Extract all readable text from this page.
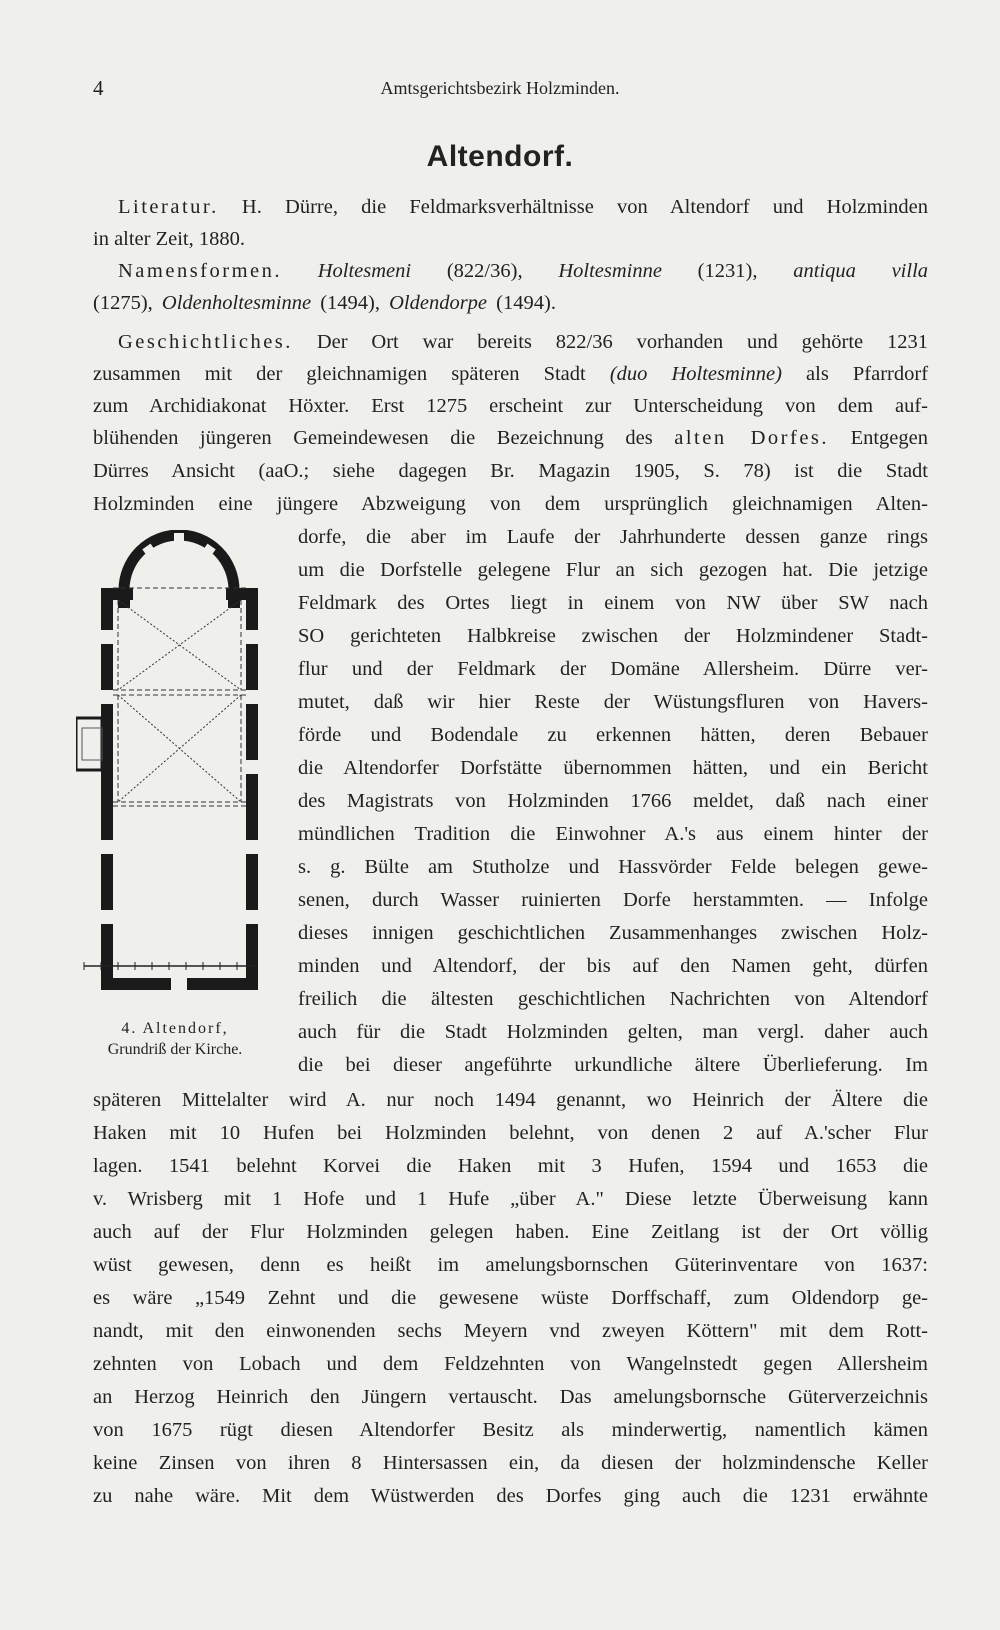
4	Amtsgerichtsbezirk Holzminden.
Altendorf.
Literatur. H. Dürre, die Feldmarksverhältnisse von Altendorf und Holzminden
in alter Zeit, 1880.
Namensformen. Holtesmeni (822/36), Holtesminne (1231), antiqua villa
(1275), Oldenholtesminne (1494), Oldendorpe (1494).
Geschichtliches. Der Ort war bereits 822/36 vorhanden und gehörte 1231
zusammen mit der gleichnamigen späteren Stadt (duo Holtesminne) als Pfarrdorf
zum Archidiakonat Höxter. Erst 1275 erscheint zur Unterscheidung von dem auf-
blühenden jüngeren Gemeindewesen die Bezeichnung des alten Dorfes. Entgegen
Dürres Ansicht (aaO.; siehe dagegen Br. Magazin 1905, S. 78) ist die Stadt
Holzminden eine jüngere Abzweigung von dem ursprünglich gleichnamigen Alten-
dorfe, die aber im Laufe der Jahrhunderte dessen ganze rings
um die Dorfstelle gelegene Flur an sich gezogen hat. Die jetzige
Feldmark des Ortes liegt in einem von NW über SW nach
SO gerichteten Halbkreise zwischen der Holzmindener Stadt-
flur und der Feldmark der Domäne Allersheim. Dürre ver-
mutet, daß wir hier Reste der Wüstungsfluren von Havers-
förde und Bodendale zu erkennen hätten, deren Bebauer
die Altendorfer Dorfstätte übernommen hätten, und ein Bericht
des Magistrats von Holzminden 1766 meldet, daß nach einer
mündlichen Tradition die Einwohner A.'s aus einem hinter der
s. g. Bülte am Stutholze und Hassvörder Felde belegen gewe-
senen, durch Wasser ruinierten Dorfe herstammten. — Infolge
dieses innigen geschichtlichen Zusammenhanges zwischen Holz-
minden und Altendorf, der bis auf den Namen geht, dürfen
freilich die ältesten geschichtlichen Nachrichten von Altendorf
auch für die Stadt Holzminden gelten, man vergl. daher auch
die bei dieser angeführte urkundliche ältere Überlieferung. Im
späteren Mittelalter wird A. nur noch 1494 genannt, wo Heinrich der Ältere die
Haken mit 10 Hufen bei Holzminden belehnt, von denen 2 auf A.'scher Flur
lagen. 1541 belehnt Korvei die Haken mit 3 Hufen, 1594 und 1653 die
v. Wrisberg mit 1 Hofe und 1 Hufe „über A." Diese letzte Überweisung kann
auch auf der Flur Holzminden gelegen haben. Eine Zeitlang ist der Ort völlig
wüst gewesen, denn es heißt im amelungsbornschen Güterinventare von 1637:
es wäre „1549 Zehnt und die gewesene wüste Dorffschaff, zum Oldendorp ge-
nandt, mit den einwonenden sechs Meyern vnd zweyen Köttern" mit dem Rott-
zehnten von Lobach und dem Feldzehnten von Wangelnstedt gegen Allersheim
an Herzog Heinrich den Jüngern vertauscht. Das amelungsbornsche Güterverzeichnis
von 1675 rügt diesen Altendorfer Besitz als minderwertig, namentlich kämen
keine Zinsen von ihren 8 Hintersassen ein, da diesen der holzmindensche Keller
zu nahe wäre. Mit dem Wüstwerden des Dorfes ging auch die 1231 erwähnte
4. Altendorf,
Grundriß der Kirche.
